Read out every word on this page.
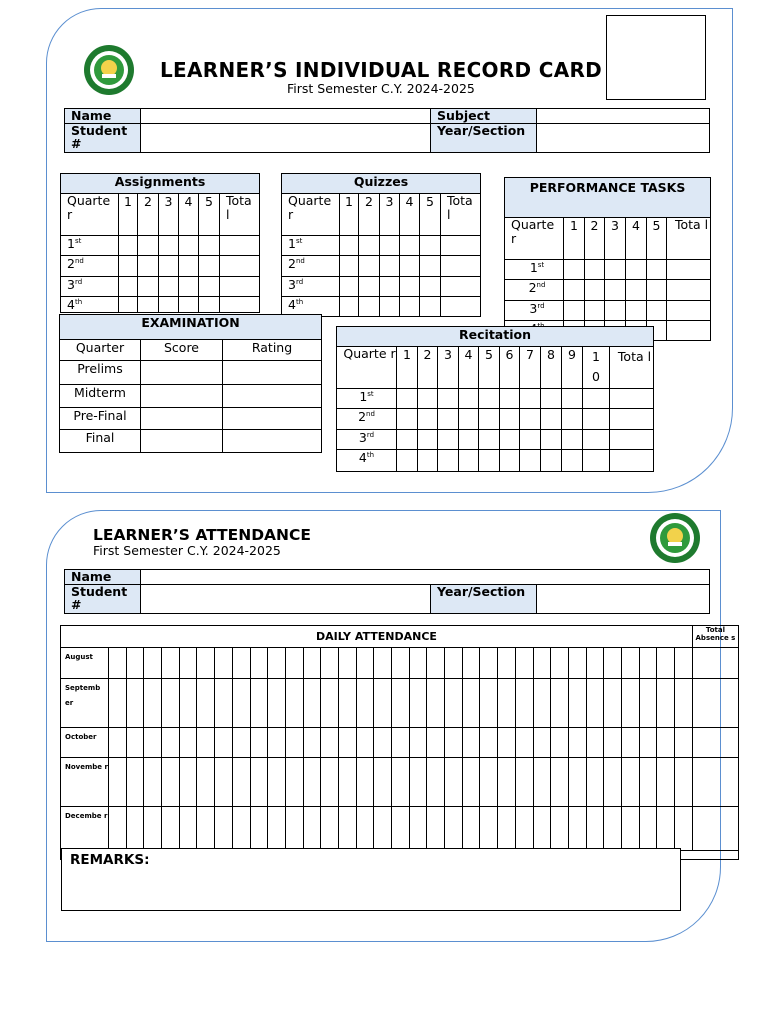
LEARNER’S INDIVIDUAL RECORD CARD
First Semester C.Y. 2024-2025
Name		Subject	
Student #		Year/Section	
Assignments						
Quarte r	1	2	3	4	5	Tota l
1st						
2nd						
3rd						
4th						
Quizzes						
Quarte r	1	2	3	4	5	Tota l
1st						
2nd						
3rd						
4th						
PERFORMANCE TASKS						
Quarte r	1	2	3	4	5	Tota l
1st						
2nd						
3rd						

EXAMINATION		
Quarter	Score	Rating
Prelims		
Midterm		
Pre-Final		
Final		
Recitation											
Quarte r	1	2	3	4	5	6	7	8	9	1 0	Tota l
1st											
2nd											
3rd											
4th											
LEARNER’S ATTENDANCE
First Semester C.Y. 2024-2025
Name			
Student #		Year/Section	
DAILY ATTENDANCE																																		Total Absence s
August																																		
Septemb er																																		
October																																		
Novembe r																																		
Decembe r																																		

REMARKS:
